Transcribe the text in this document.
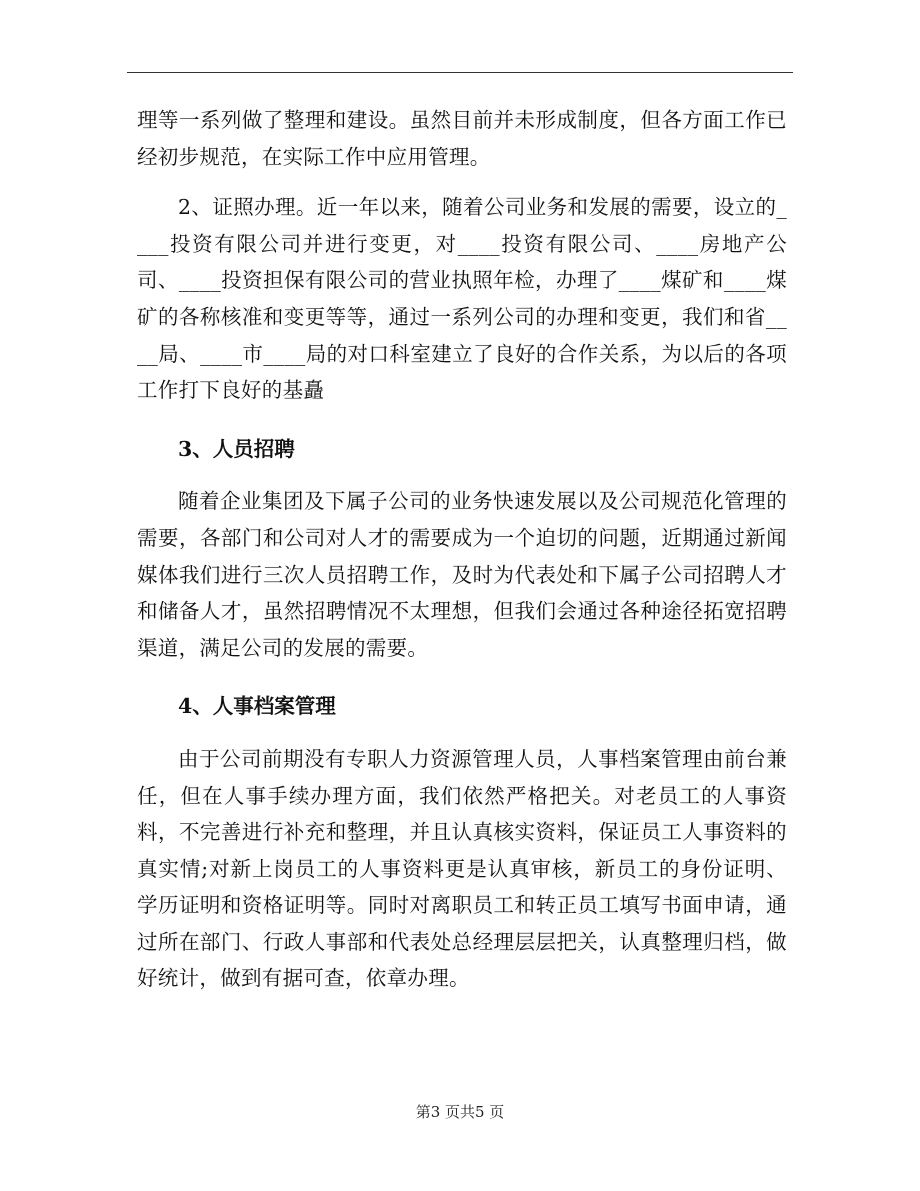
理等一系列做了整理和建设。虽然目前并未形成制度，但各方面工作已经初步规范，在实际工作中应用管理。

2、证照办理。近一年以来，随着公司业务和发展的需要，设立的____投资有限公司并进行变更，对____投资有限公司、____房地产公司、____投资担保有限公司的营业执照年检，办理了____煤矿和____煤矿的各称核准和变更等等，通过一系列公司的办理和变更，我们和省____局、____市____局的对口科室建立了良好的合作关系，为以后的各项工作打下良好的基矗

3、人员招聘

随着企业集团及下属子公司的业务快速发展以及公司规范化管理的需要，各部门和公司对人才的需要成为一个迫切的问题，近期通过新闻媒体我们进行三次人员招聘工作，及时为代表处和下属子公司招聘人才和储备人才，虽然招聘情况不太理想，但我们会通过各种途径拓宽招聘渠道，满足公司的发展的需要。

4、人事档案管理

由于公司前期没有专职人力资源管理人员，人事档案管理由前台兼任，但在人事手续办理方面，我们依然严格把关。对老员工的人事资料，不完善进行补充和整理，并且认真核实资料，保证员工人事资料的真实情;对新上岗员工的人事资料更是认真审核，新员工的身份证明、学历证明和资格证明等。同时对离职员工和转正员工填写书面申请，通过所在部门、行政人事部和代表处总经理层层把关，认真整理归档，做好统计，做到有据可查，依章办理。

第3 页共5 页
